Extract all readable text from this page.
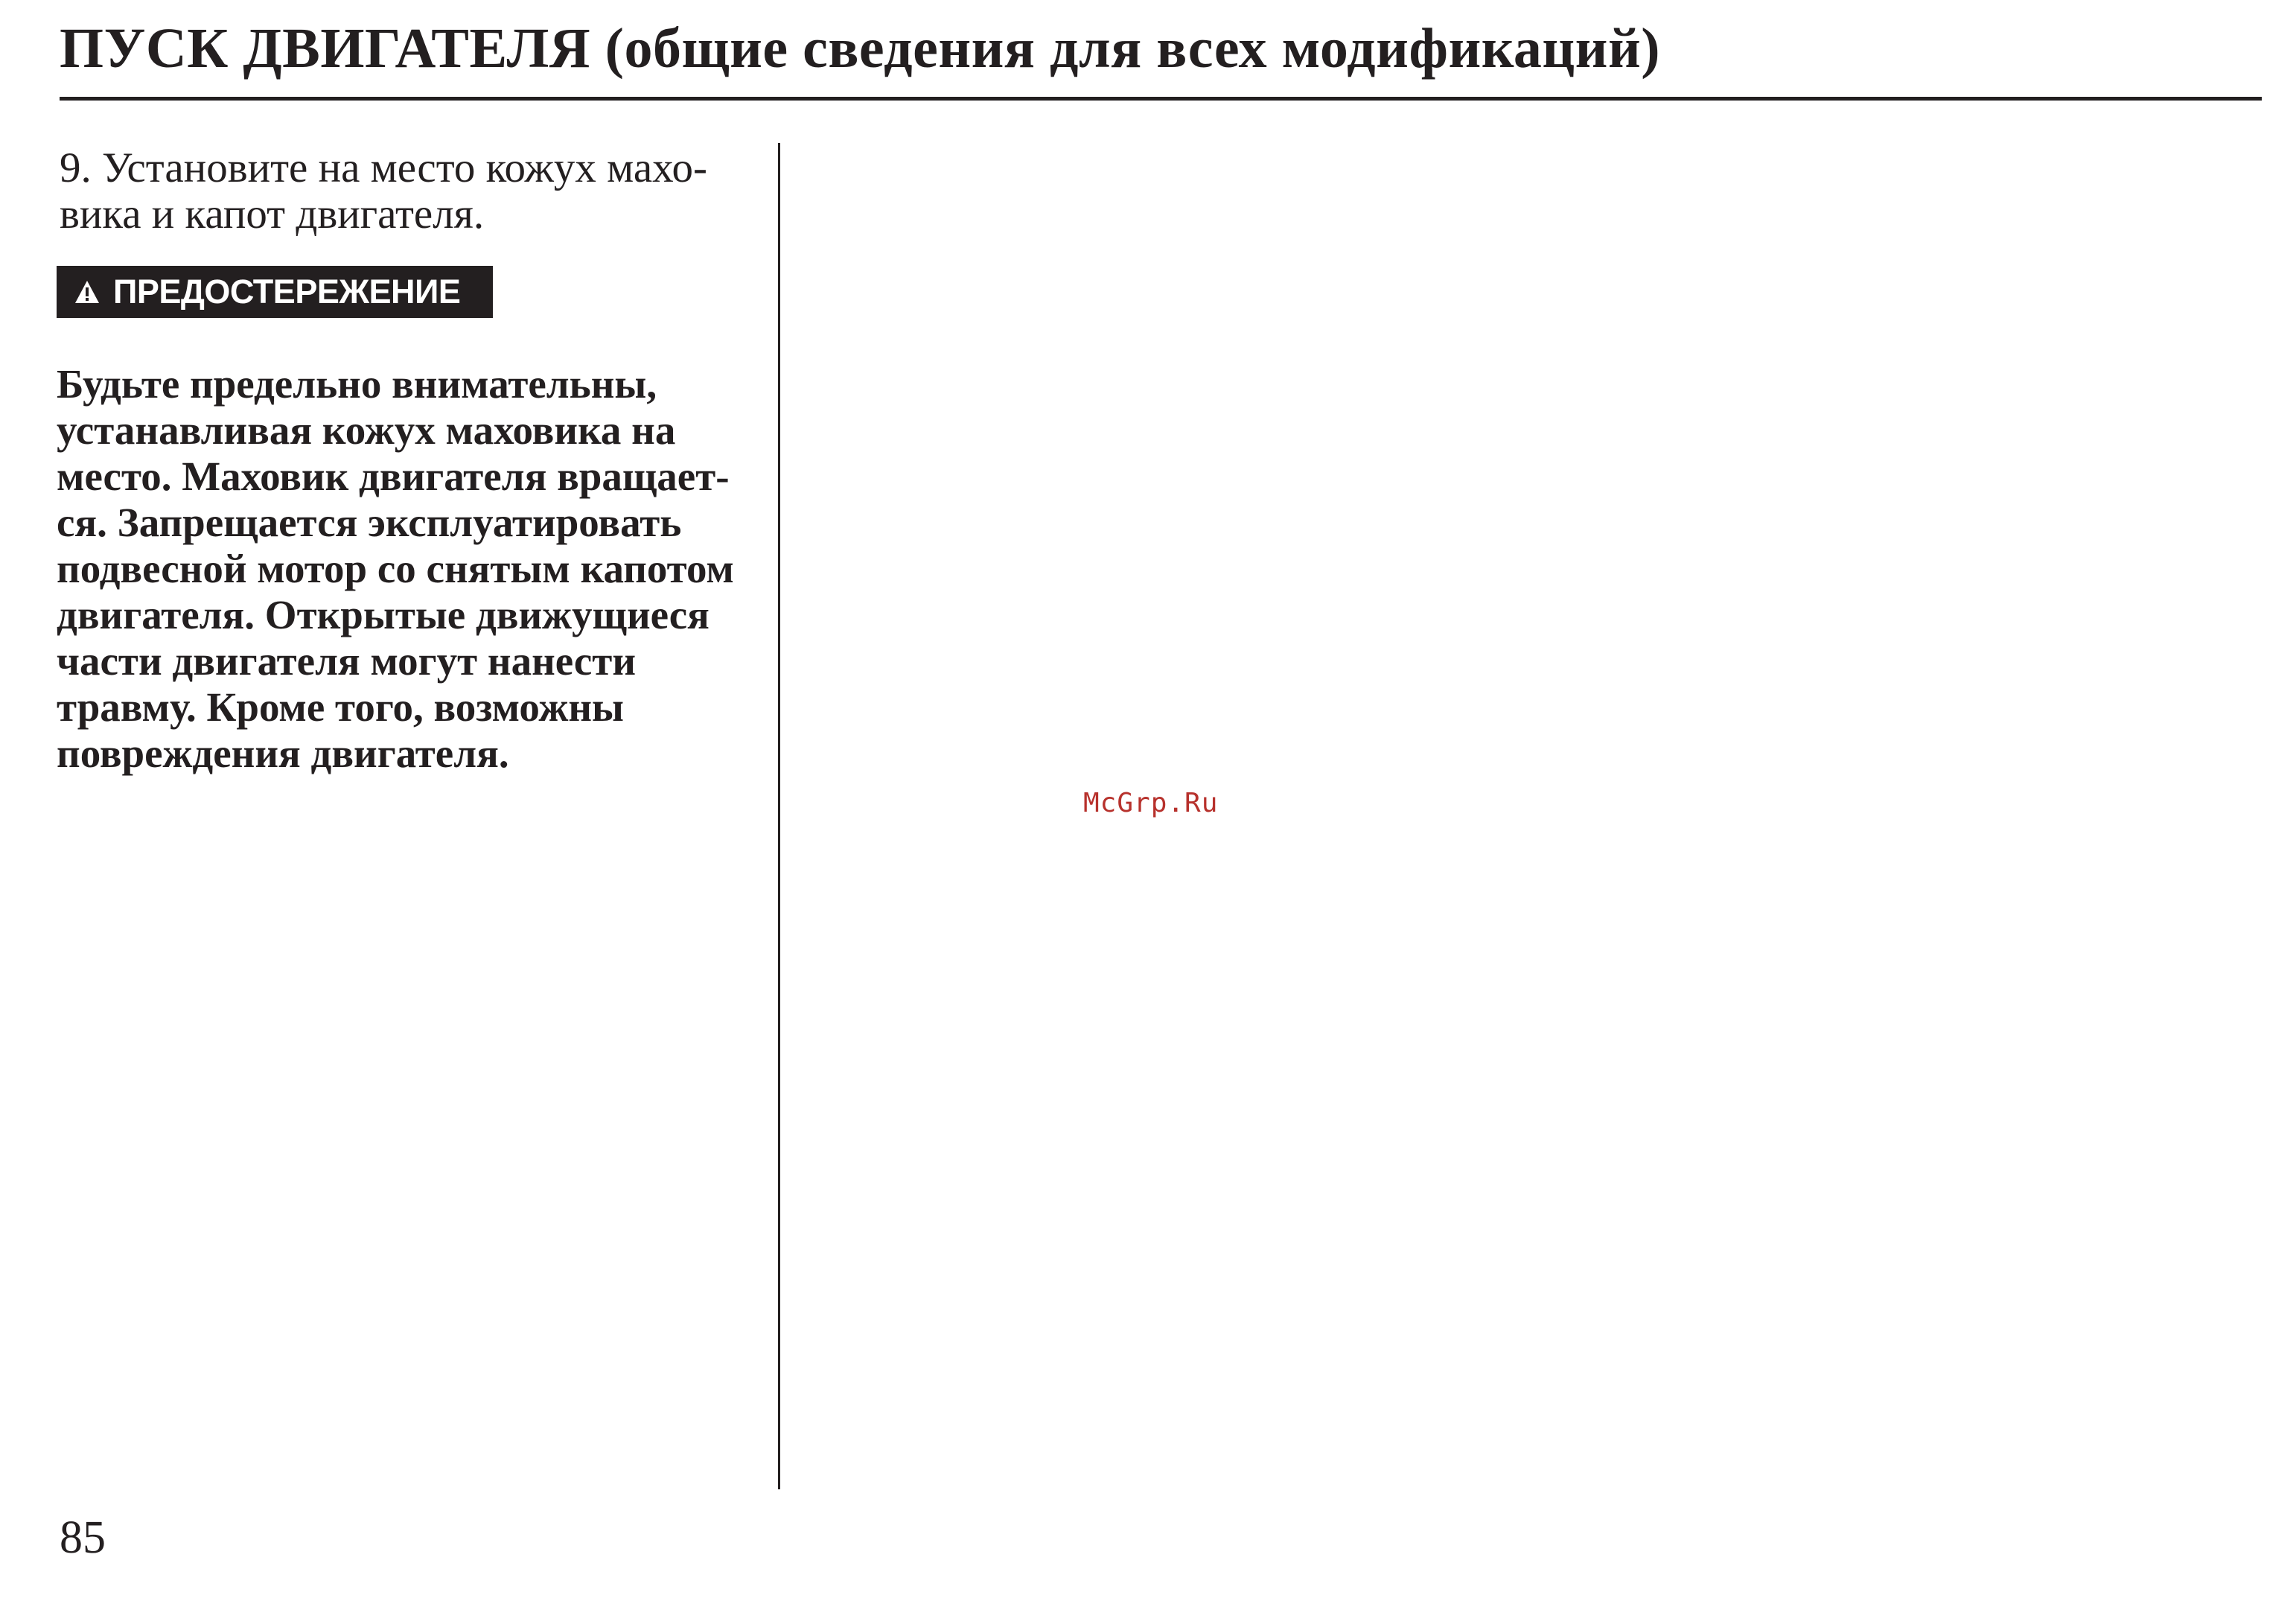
ПУСК ДВИГАТЕЛЯ (общие сведения для всех модификаций)

9. Установите на место кожух махо-
вика и капот двигателя.

ПРЕДОСТЕРЕЖЕНИЕ

Будьте предельно внимательны,
устанавливая кожух маховика на
место. Маховик двигателя вращает-
ся. Запрещается эксплуатировать
подвесной мотор со снятым капотом
двигателя. Открытые движущиеся
части двигателя могут нанести
травму. Кроме того, возможны
повреждения двигателя.

McGrp.Ru
85
